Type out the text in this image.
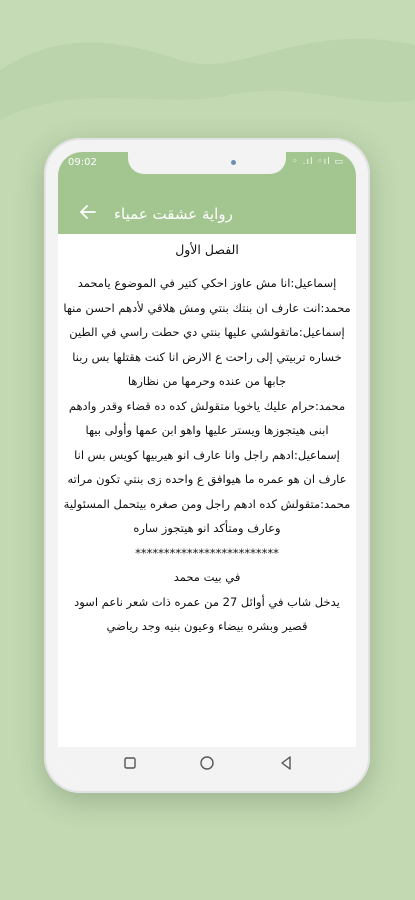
09:02	◦ .ıl ◦ıl ▭
رواية عشقت عمياء
الفصل الأول

إسماعيل:انا مش عاوز احكي كتير في الموضوع يامحمد

محمد:انت عارف ان بنتك بنتي ومش هلاقي لأدهم احسن منها

إسماعيل:ماتقولشي عليها بنتي دي حطت راسي في الطين خساره تربيتي إلى راحت ع الارض انا كنت هقتلها بس ربنا جابها من عنده وحرمها من نظارها

محمد:حرام عليك ياخويا متقولش كده ده قضاء وقدر وادهم ابنى هيتجوزها ويستر عليها واهو ابن عمها وأولى بيها

إسماعيل:ادهم راجل وانا عارف انو هيربيها كويس بس انا عارف ان هو عمره ما هيوافق ع واحده زى بنتي تكون مراته

محمد:متقولش كده ادهم راجل ومن صغره بيتحمل المسئولية وعارف ومتأكد انو هيتجوز ساره

*************************

في بيت محمد

يدخل شاب في أوائل 27 من عمره ذات شعر ناعم اسود قصير وبشره بيضاء وعيون بنيه وجد رياضي
